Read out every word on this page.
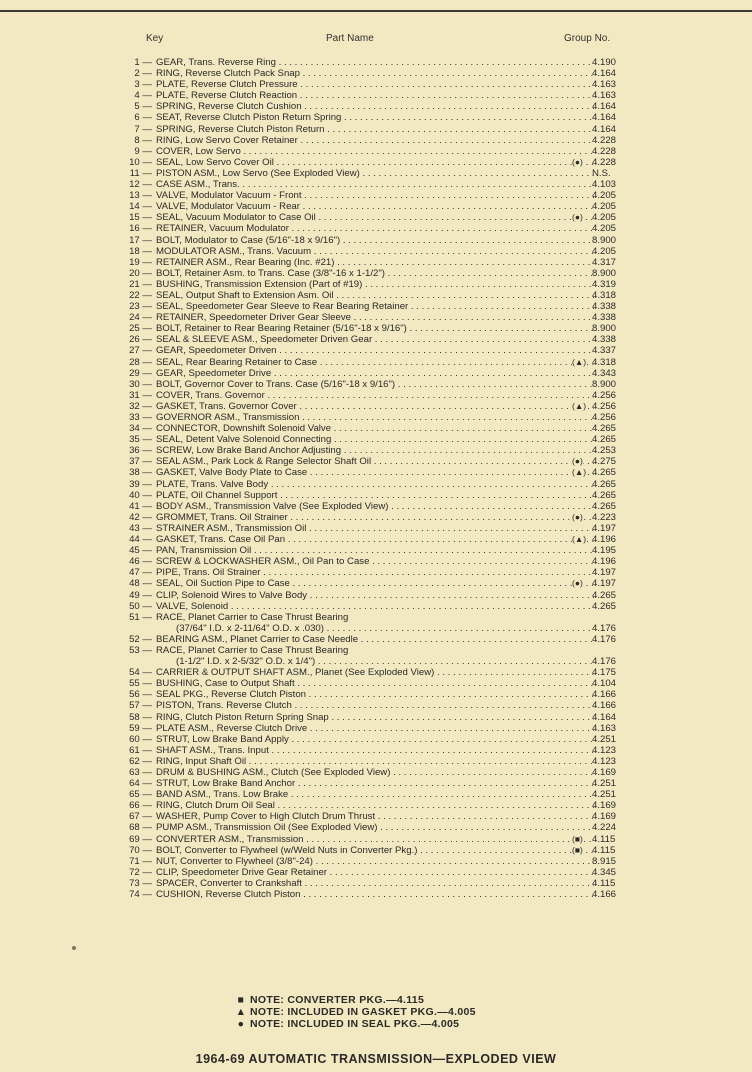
Key	Part Name	Group No.
1 — GEAR, Trans. Reverse Ring . . .	4.190
2 — RING, Reverse Clutch Pack Snap . . .	4.164
3 — PLATE, Reverse Clutch Pressure . . .	4.163
4 — PLATE, Reverse Clutch Reaction . . .	4.163
5 — SPRING, Reverse Clutch Cushion . . .	4.164
6 — SEAT, Reverse Clutch Piston Return Spring . . .	4.164
7 — SPRING, Reverse Clutch Piston Return . . .	4.164
8 — RING, Low Servo Cover Retainer . . .	4.228
9 — COVER, Low Servo . . .	4.228
10 — SEAL, Low Servo Cover Oil . . .	(●) 4.228
11 — PISTON ASM., Low Servo (See Exploded View) . . .	N.S.
12 — CASE ASM., Trans. . . .	4.103
13 — VALVE, Modulator Vacuum - Front . . .	4.205
14 — VALVE, Modulator Vacuum - Rear . . .	4.205
15 — SEAL, Vacuum Modulator to Case Oil . . .	(●) 4.205
16 — RETAINER, Vacuum Modulator . . .	4.205
17 — BOLT, Modulator to Case (5/16"-18 x 9/16") . . .	8.900
18 — MODULATOR ASM., Trans. Vacuum . . .	4.205
19 — RETAINER ASM., Rear Bearing (Inc. #21) . . .	4.317
20 — BOLT, Retainer Asm. to Trans. Case (3/8"-16 x 1-1/2") . . .	8.900
21 — BUSHING, Transmission Extension (Part of #19) . . .	4.319
22 — SEAL, Output Shaft to Extension Asm. Oil . . .	4.318
23 — SEAL, Speedometer Gear Sleeve to Rear Bearing Retainer . . .	4.338
24 — RETAINER, Speedometer Driver Gear Sleeve . . .	4.338
25 — BOLT, Retainer to Rear Bearing Retainer (5/16"-18 x 9/16") . . .	8.900
26 — SEAL & SLEEVE ASM., Speedometer Driven Gear . . .	4.338
27 — GEAR, Speedometer Driven . . .	4.337
28 — SEAL, Rear Bearing Retainer to Case . . .	(▲) 4.318
29 — GEAR, Speedometer Drive . . .	4.343
30 — BOLT, Governor Cover to Trans. Case (5/16"-18 x 9/16") . . .	8.900
31 — COVER, Trans. Governor . . .	4.256
32 — GASKET, Trans. Governor Cover . . .	(▲) 4.256
33 — GOVERNOR ASM., Transmission . . .	4.256
34 — CONNECTOR, Downshift Solenoid Valve . . .	4.265
35 — SEAL, Detent Valve Solenoid Connecting . . .	4.265
36 — SCREW, Low Brake Band Anchor Adjusting . . .	4.253
37 — SEAL ASM., Park Lock & Range Selector Shaft Oil . . .	(●) 4.275
38 — GASKET, Valve Body Plate to Case . . .	(▲) 4.265
39 — PLATE, Trans. Valve Body . . .	4.265
40 — PLATE, Oil Channel Support . . .	4.265
41 — BODY ASM., Transmission Valve (See Exploded View) . . .	4.265
42 — GROMMET, Trans. Oil Strainer . . .	(●) 4.223
43 — STRAINER ASM., Transmission Oil . . .	4.197
44 — GASKET, Trans. Case Oil Pan . . .	(▲) 4.196
45 — PAN, Transmission Oil . . .	4.195
46 — SCREW & LOCKWASHER ASM., Oil Pan to Case . . .	4.196
47 — PIPE, Trans. Oil Strainer . . .	4.197
48 — SEAL, Oil Suction Pipe to Case . . .	(●) 4.197
49 — CLIP, Solenoid Wires to Valve Body . . .	4.265
50 — VALVE, Solenoid . . .	4.265
51 — RACE, Planet Carrier to Case Thrust Bearing
(37/64" I.D. x 2-11/64" O.D. x .030) . . .	4.176
52 — BEARING ASM., Planet Carrier to Case Needle . . .	4.176
53 — RACE, Planet Carrier to Case Thrust Bearing
(1-1/2" I.D. x 2-5/32" O.D. x 1/4") . . .	4.176
54 — CARRIER & OUTPUT SHAFT ASM., Planet (See Exploded View) . . .	4.175
55 — BUSHING, Case to Output Shaft . . .	4.104
56 — SEAL PKG., Reverse Clutch Piston . . .	4.166
57 — PISTON, Trans. Reverse Clutch . . .	4.166
58 — RING, Clutch Piston Return Spring Snap . . .	4.164
59 — PLATE ASM., Reverse Clutch Drive . . .	4.163
60 — STRUT, Low Brake Band Apply . . .	4.251
61 — SHAFT ASM., Trans. Input . . .	4.123
62 — RING, Input Shaft Oil . . .	4.123
63 — DRUM & BUSHING ASM., Clutch (See Exploded View) . . .	4.169
64 — STRUT, Low Brake Band Anchor . . .	4.251
65 — BAND ASM., Trans. Low Brake . . .	4.251
66 — RING, Clutch Drum Oil Seal . . .	4.169
67 — WASHER, Pump Cover to High Clutch Drum Thrust . . .	4.169
68 — PUMP ASM., Transmission Oil (See Exploded View) . . .	4.224
69 — CONVERTER ASM., Transmission . . .	(■) 4.115
70 — BOLT, Converter to Flywheel (w/Weld Nuts in Converter Pkg.) . . .	(■) 4.115
71 — NUT, Converter to Flywheel (3/8"-24) . . .	8.915
72 — CLIP, Speedometer Drive Gear Retainer . . .	4.345
73 — SPACER, Converter to Crankshaft . . .	4.115
74 — CUSHION, Reverse Clutch Piston . . .	4.166
■ NOTE: CONVERTER PKG.—4.115
▲ NOTE: INCLUDED IN GASKET PKG.—4.005
● NOTE: INCLUDED IN SEAL PKG.—4.005
1964-69 AUTOMATIC TRANSMISSION—EXPLODED VIEW
